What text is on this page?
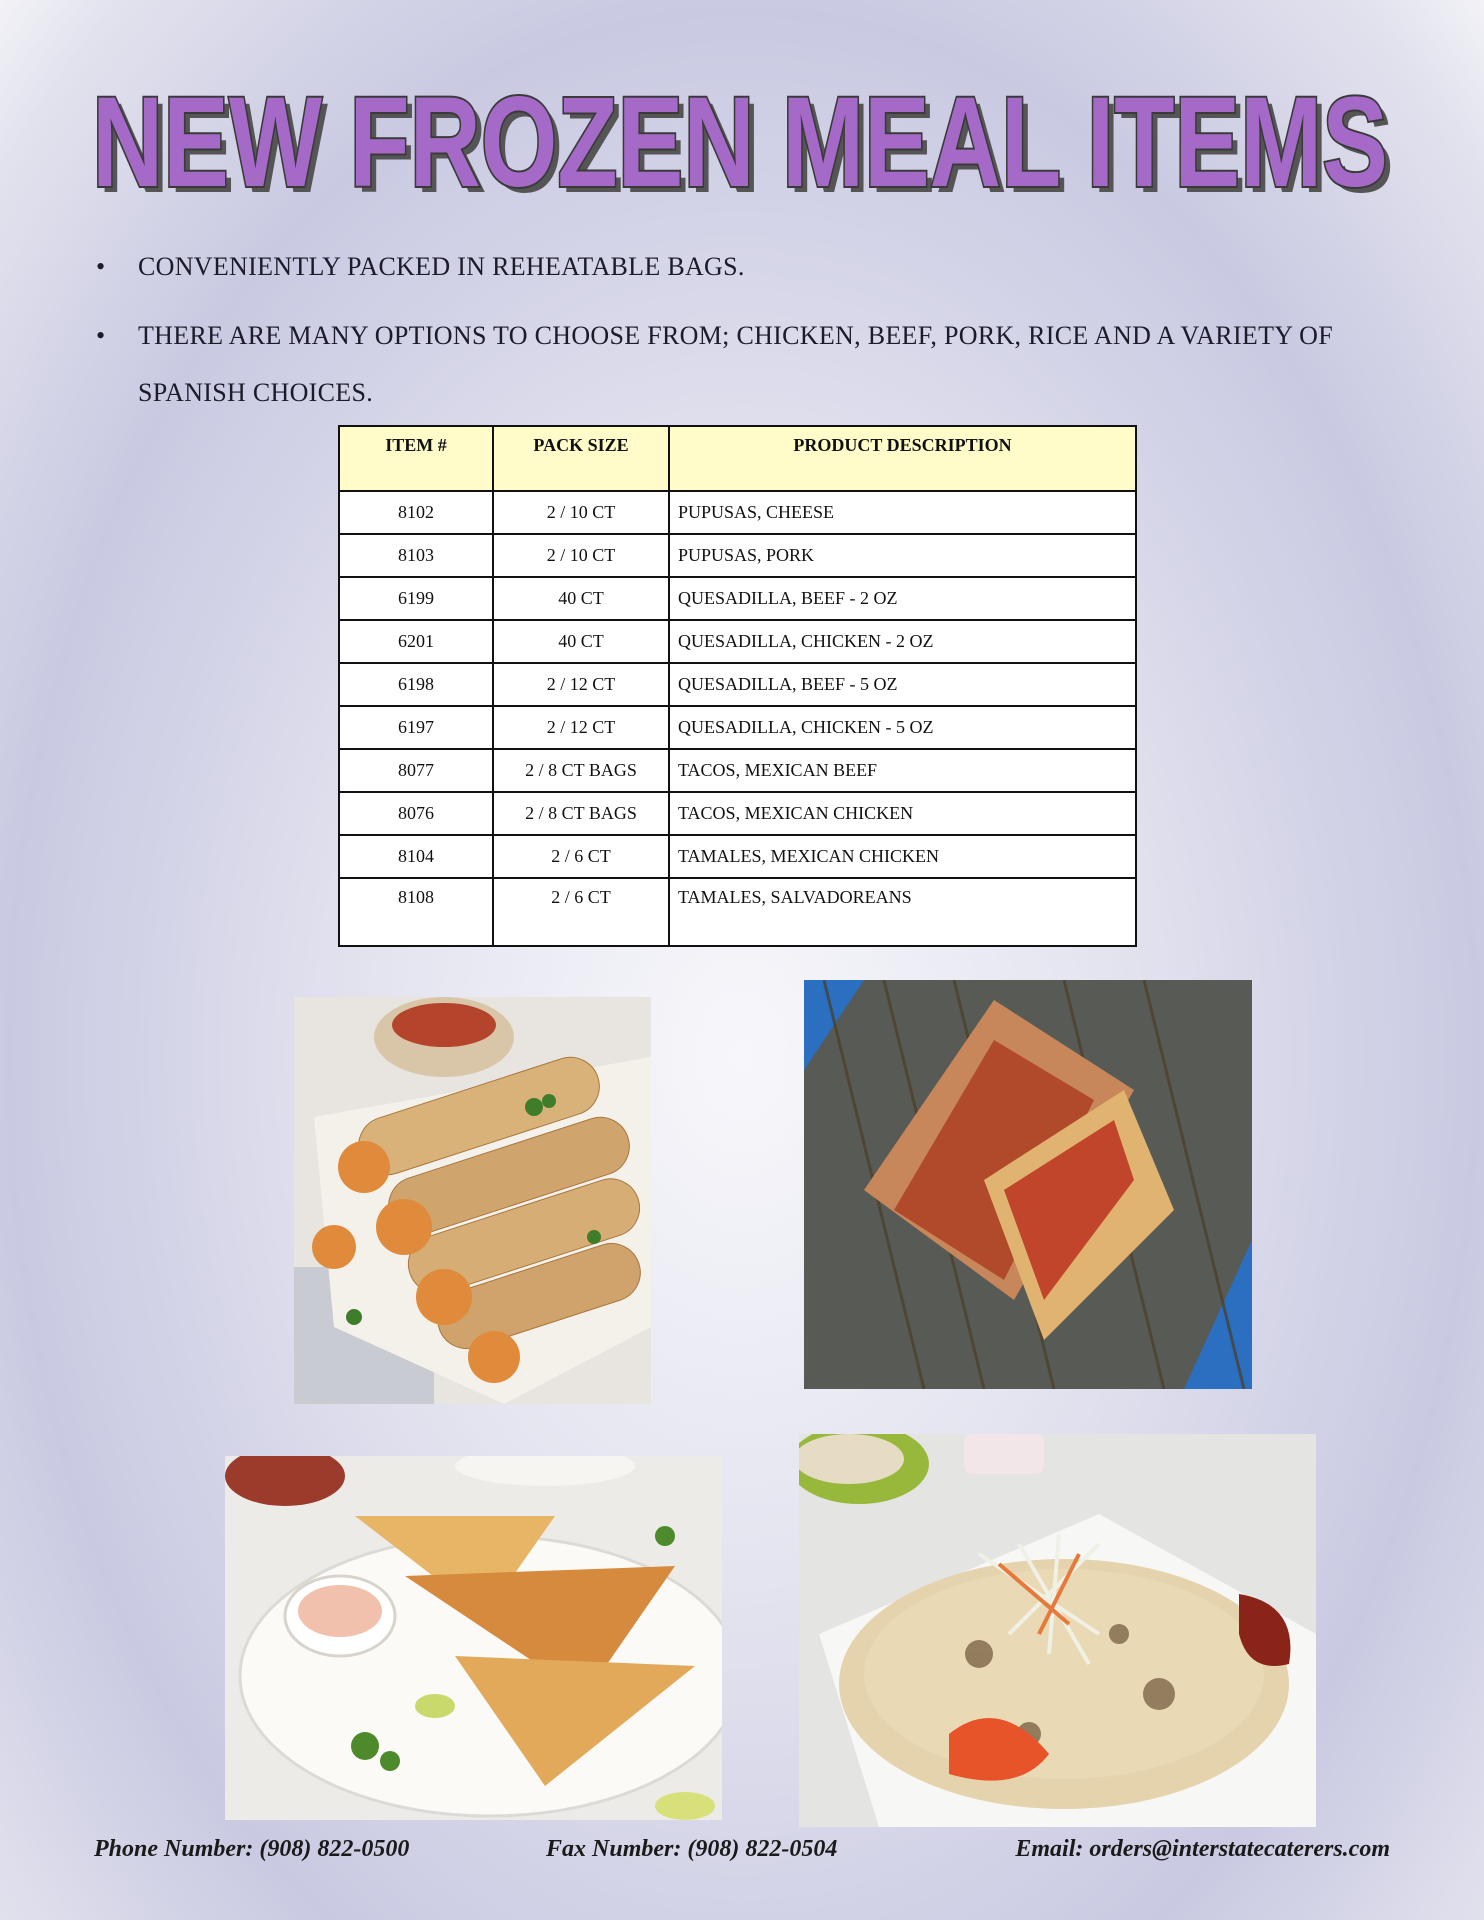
NEW FROZEN MEAL ITEMS
NEW FROZEN MEAL ITEMS
• CONVENIENTLY PACKED IN REHEATABLE BAGS.
• THERE ARE MANY OPTIONS TO CHOOSE FROM; CHICKEN, BEEF, PORK, RICE AND A VARIETY OF SPANISH CHOICES.
ITEM #	PACK SIZE	PRODUCT DESCRIPTION
8102	2 / 10 CT	PUPUSAS, CHEESE
8103	2 / 10 CT	PUPUSAS, PORK
6199	40 CT	QUESADILLA, BEEF - 2 OZ
6201	40 CT	QUESADILLA, CHICKEN - 2 OZ
6198	2 / 12 CT	QUESADILLA, BEEF - 5 OZ
6197	2 / 12 CT	QUESADILLA, CHICKEN - 5 OZ
8077	2 / 8 CT BAGS	TACOS, MEXICAN BEEF
8076	2 / 8 CT BAGS	TACOS, MEXICAN CHICKEN
8104	2 / 6 CT	TAMALES, MEXICAN CHICKEN
8108	2 / 6 CT	TAMALES, SALVADOREANS
Phone Number: (908) 822-0500	Fax Number: (908) 822-0504	Email: orders@interstatecaterers.com
